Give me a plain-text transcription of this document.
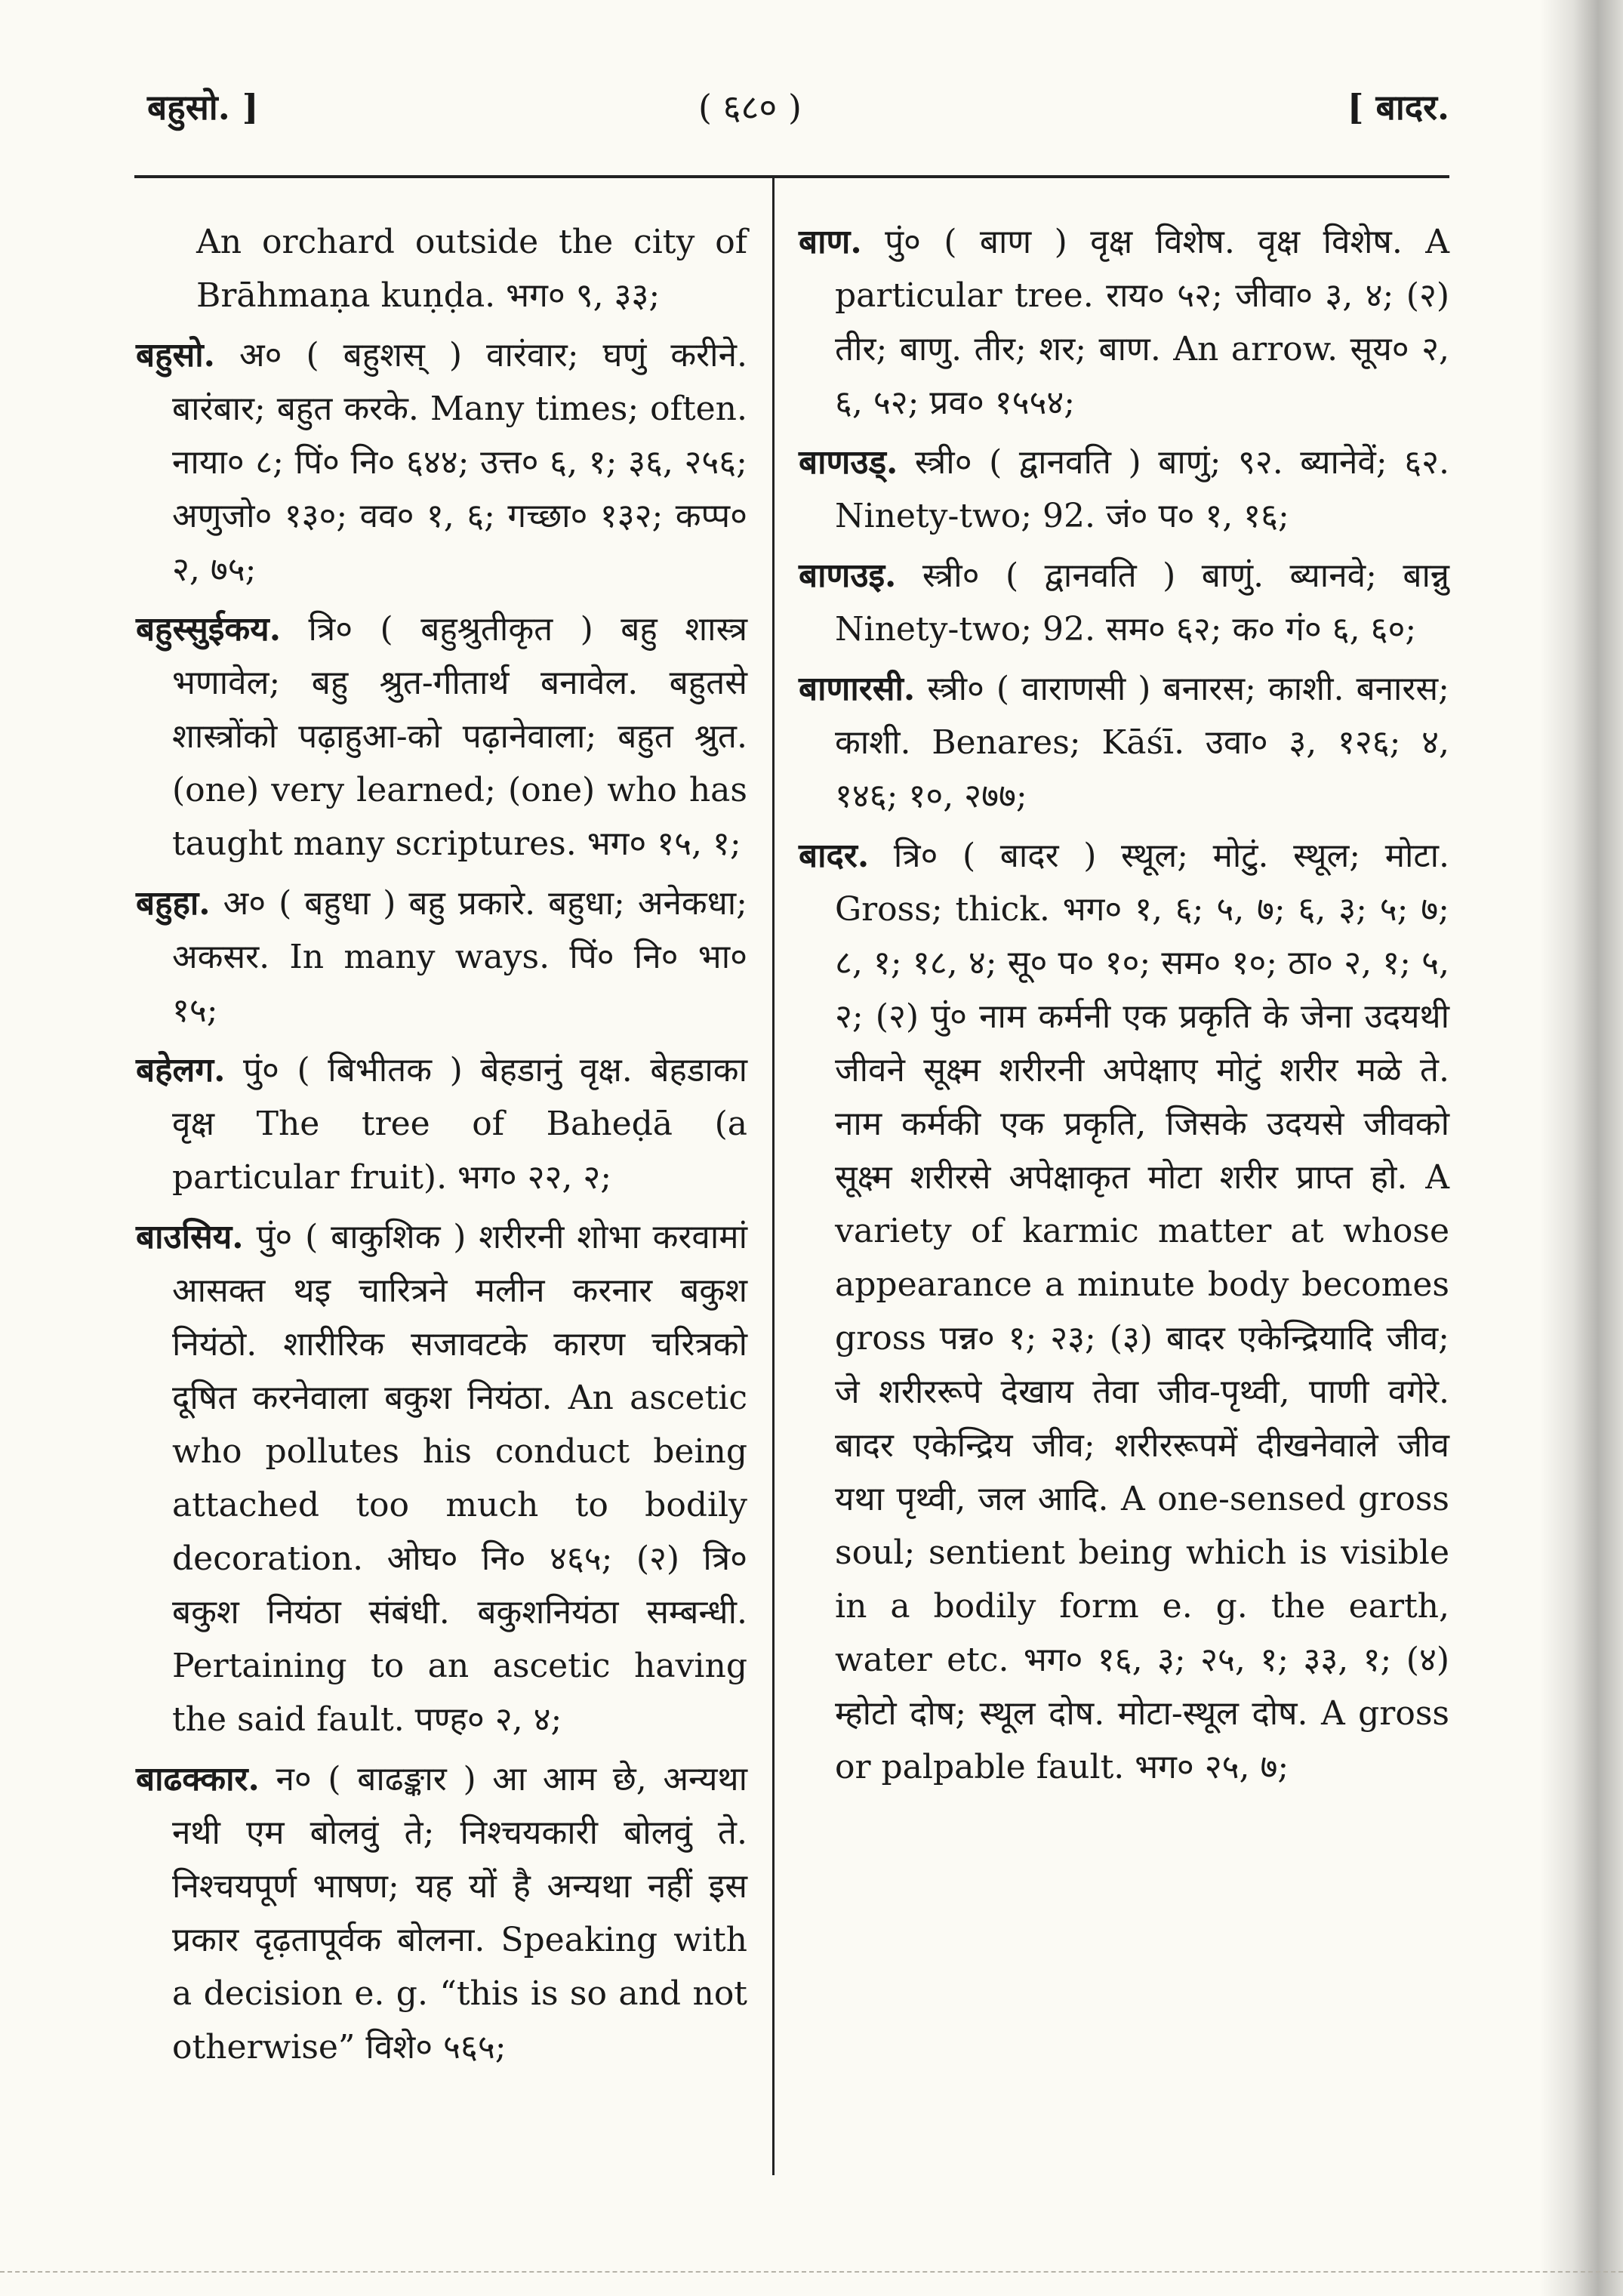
बहुसो. ]	( ६८० )	[ बादर.

An orchard outside the city of Brāhmaṇa kuṇḍa. भग० ९, ३३;

बहुसो. अ० ( बहुशस् ) वारंवार; घणुं करीने. बारंबार; बहुत करके. Many times; often. नाया० ८; पिं० नि० ६४४; उत्त० ६, १; ३६, २५६; अणुजो० १३०; वव० १, ६; गच्छा० १३२; कप्प० २, ७५;

बहुस्सुईकय. त्रि० ( बहुश्रुतीकृत ) बहु शास्त्र भणावेल; बहु श्रुत-गीतार्थ बनावेल. बहुतसे शास्त्रोंको पढ़ाहुआ-को पढ़ानेवाला; बहुत श्रुत. (one) very learned; (one) who has taught many scriptures. भग० १५, १;

बहुहा. अ० ( बहुधा ) बहु प्रकारे. बहुधा; अनेकधा; अकसर. In many ways. पिं० नि० भा० १५;

बहेलग. पुं० ( बिभीतक ) बेहडानुं वृक्ष. बेहडाका वृक्ष The tree of Baheḍā (a particular fruit). भग० २२, २;

बाउसिय. पुं० ( बाकुशिक ) शरीरनी शोभा करवामां आसक्त थइ चारित्रने मलीन करनार बकुश नियंठो. शारीरिक सजावटके कारण चरित्रको दूषित करनेवाला बकुश नियंठा. An ascetic who pollutes his conduct being attached too much to bodily decoration. ओघ० नि० ४६५; (२) त्रि० बकुश नियंठा संबंधी. बकुशनियंठा सम्बन्धी. Pertaining to an ascetic having the said fault. पण्ह० २, ४;

बाढक्कार. न० ( बाढङ्कार ) आ आम छे, अन्यथा नथी एम बोलवुं ते; निश्चयकारी बोलवुं ते. निश्चयपूर्ण भाषण; यह यों है अन्यथा नहीं इस प्रकार दृढ़तापूर्वक बोलना. Speaking with a decision e. g. “this is so and not otherwise” विशे० ५६५;

बाण. पुं० ( बाण ) वृक्ष विशेष. वृक्ष विशेष. A particular tree. राय० ५२; जीवा० ३, ४; (२) तीर; बाणु. तीर; शर; बाण. An arrow. सूय० २, ६, ५२; प्रव० १५५४;

बाणउड्. स्त्री० ( द्वानवति ) बाणुं; ९२. ब्यानेवें; ६२. Ninety-two; 92. जं० प० १, १६;

बाणउइ. स्त्री० ( द्वानवति ) बाणुं. ब्यानवे; बान्नु Ninety-two; 92. सम० ६२; क० गं० ६, ६०;

बाणारसी. स्त्री० ( वाराणसी ) बनारस; काशी. बनारस; काशी. Benares; Kāśī. उवा० ३, १२६; ४, १४६; १०, २७७;

बादर. त्रि० ( बादर ) स्थूल; मोटुं. स्थूल; मोटा. Gross; thick. भग० १, ६; ५, ७; ६, ३; ५; ७; ८, १; १८, ४; सू० प० १०; सम० १०; ठा० २, १; ५, २; (२) पुं० नाम कर्मनी एक प्रकृति के जेना उदयथी जीवने सूक्ष्म शरीरनी अपेक्षाए मोटुं शरीर मळे ते. नाम कर्मकी एक प्रकृति, जिसके उदयसे जीवको सूक्ष्म शरीरसे अपेक्षाकृत मोटा शरीर प्राप्त हो. A variety of karmic matter at whose appearance a minute body becomes gross पन्न० १; २३; (३) बादर एकेन्द्रियादि जीव; जे शरीररूपे देखाय तेवा जीव-पृथ्वी, पाणी वगेरे. बादर एकेन्द्रिय जीव; शरीररूपमें दीखनेवाले जीव यथा पृथ्वी, जल आदि. A one-sensed gross soul; sentient being which is visible in a bodily form e. g. the earth, water etc. भग० १६, ३; २५, १; ३३, १; (४) म्होटो दोष; स्थूल दोष. मोटा-स्थूल दोष. A gross or palpable fault. भग० २५, ७;
